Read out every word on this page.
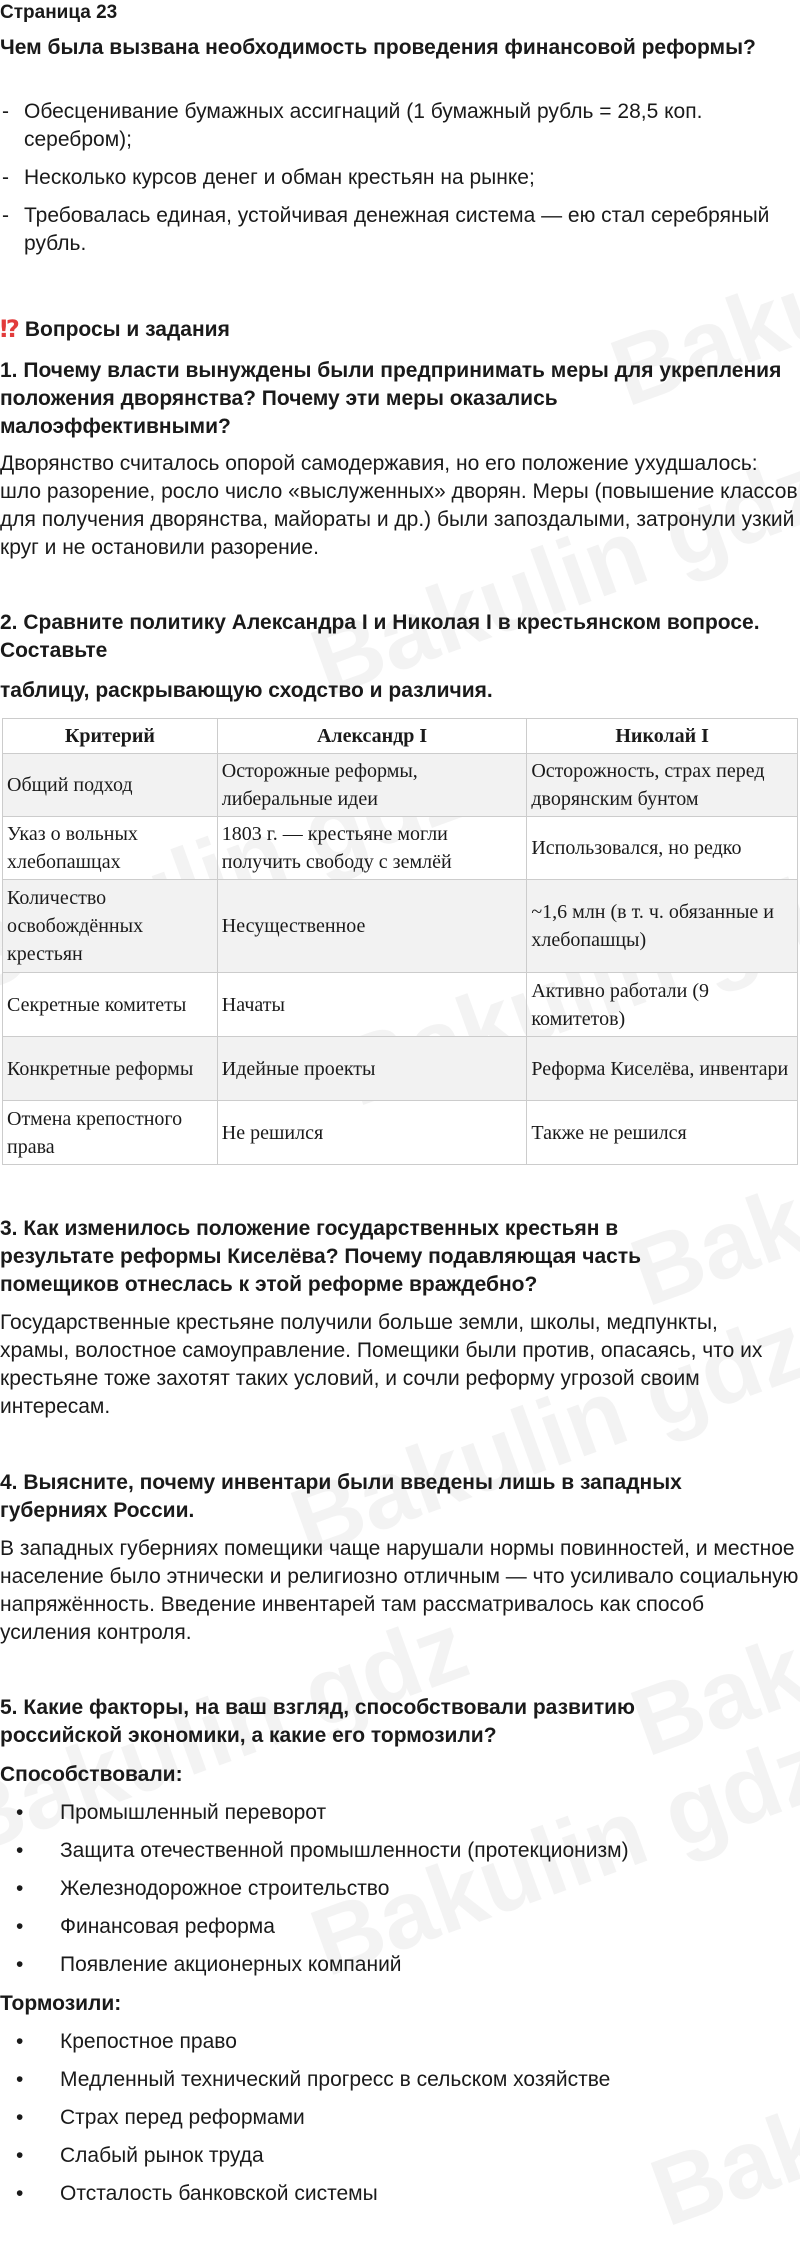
Страница 23
Чем была вызвана необходимость проведения финансовой реформы?
- Обесценивание бумажных ассигнаций (1 бумажный рубль = 28,5 коп. серебром);
- Несколько курсов денег и обман крестьян на рынке;
- Требовалась единая, устойчивая денежная система — ею стал серебряный рубль.
⁉ Вопросы и задания
1. Почему власти вынуждены были предпринимать меры для укрепления положения дворянства? Почему эти меры оказались малоэффективными?

Дворянство считалось опорой самодержавия, но его положение ухудшалось: шло разорение, росло число «выслуженных» дворян. Меры (повышение классов для получения дворянства, майораты и др.) были запоздалыми, затронули узкий круг и не остановили разорение.

2. Сравните политику Александра I и Николая I в крестьянском вопросе. Составьте
таблицу, раскрывающую сходство и различия.
Критерий	Александр I	Николай I
Общий подход	Осторожные реформы, либеральные идеи	Осторожность, страх перед дворянским бунтом
Указ о вольных хлебопашцах	1803 г. — крестьяне могли получить свободу с землёй	Использовался, но редко
Количество освобождённых крестьян	Несущественное	~1,6 млн (в т. ч. обязанные и хлебопашцы)
Секретные комитеты	Начаты	Активно работали (9 комитетов)
Конкретные реформы	Идейные проекты	Реформа Киселёва, инвентари
Отмена крепостного права	Не решился	Также не решился
3. Как изменилось положение государственных крестьян в результате реформы Киселёва? Почему подавляющая часть помещиков отнеслась к этой реформе враждебно?

Государственные крестьяне получили больше земли, школы, медпункты, храмы, волостное самоуправление. Помещики были против, опасаясь, что их крестьяне тоже захотят таких условий, и сочли реформу угрозой своим интересам.

4. Выясните, почему инвентари были введены лишь в западных губерниях России.

В западных губерниях помещики чаще нарушали нормы повинностей, и местное население было этнически и религиозно отличным — что усиливало социальную напряжённость. Введение инвентарей там рассматривалось как способ усиления контроля.

5. Какие факторы, на ваш взгляд, способствовали развитию российской экономики, а какие его тормозили?
Способствовали:
• Промышленный переворот
• Защита отечественной промышленности (протекционизм)
• Железнодорожное строительство
• Финансовая реформа
• Появление акционерных компаний
Тормозили:
• Крепостное право
• Медленный технический прогресс в сельском хозяйстве
• Страх перед реформами
• Слабый рынок труда
• Отсталость банковской системы
